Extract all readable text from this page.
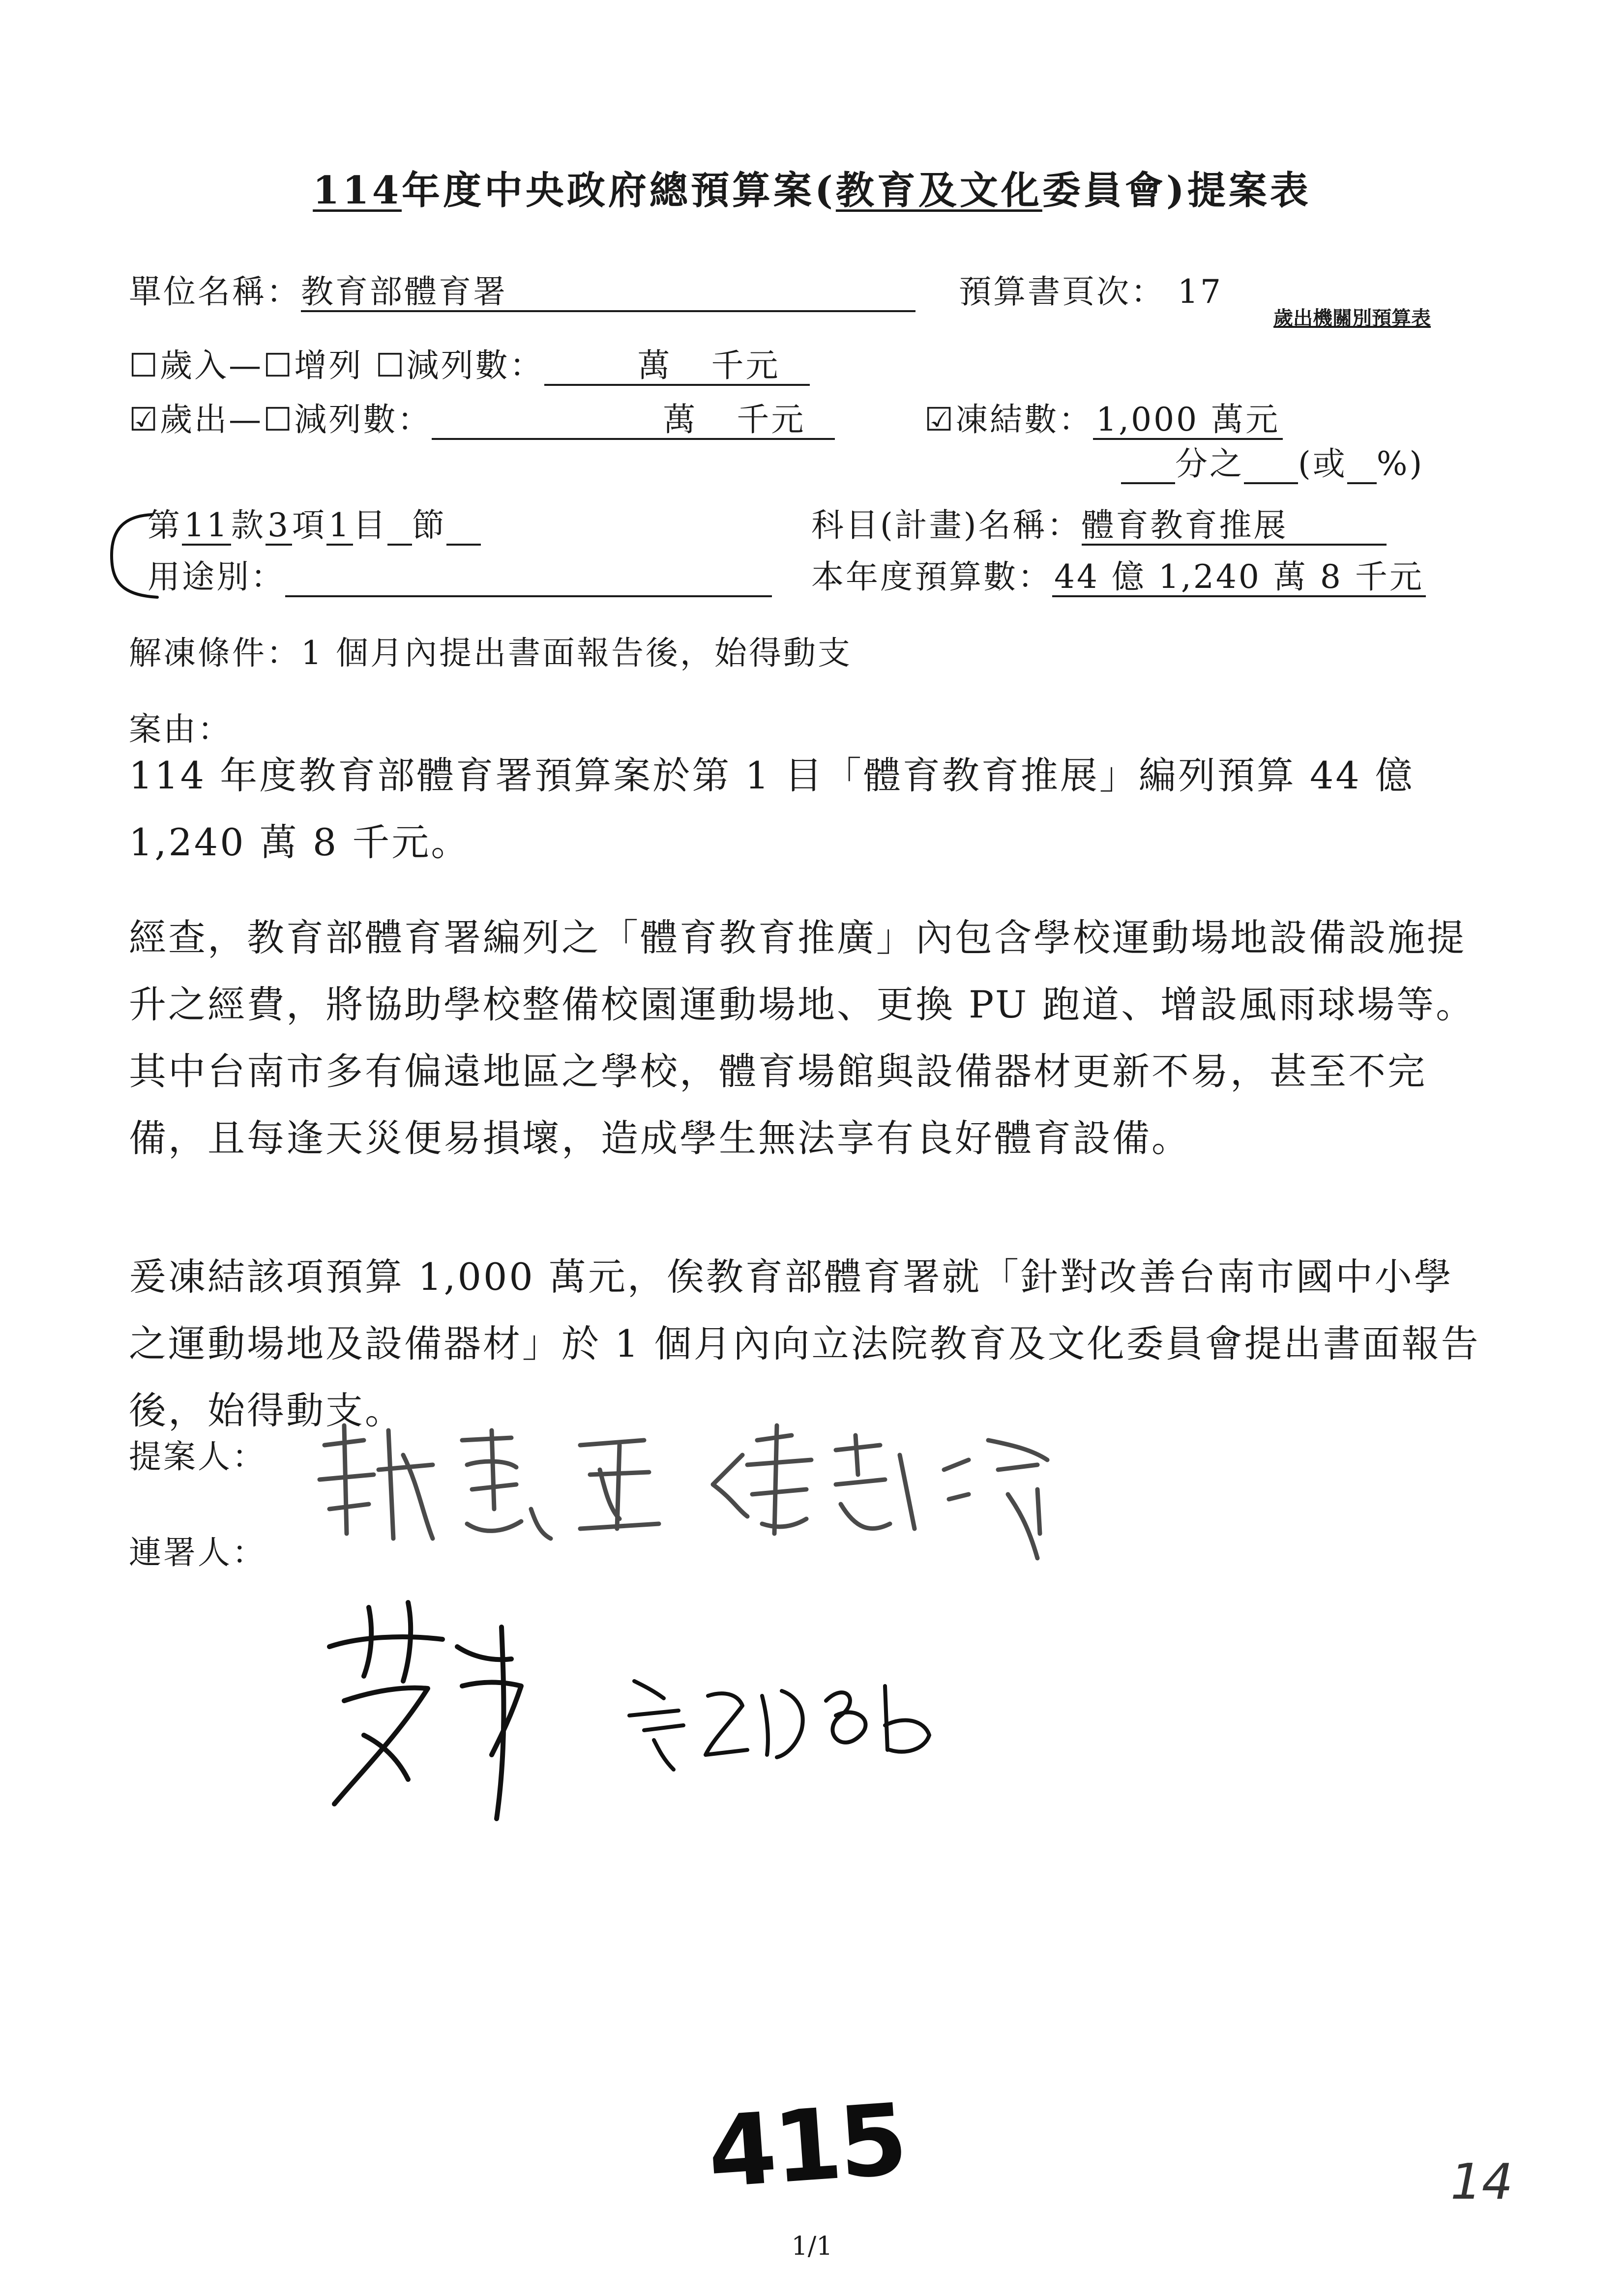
114年度中央政府總預算案(教育及文化委員會)提案表
單位名稱：教育部體育署	預算書頁次： 17
歲出機關別預算表
☐歲入—☐增列 ☐減列數：	萬 千元
☑歲出—☐減列數：	萬 千元	☑凍結數：1,000 萬元
分之 (或 %)
第11款3項1目 節	科目(計畫)名稱：體育教育推展
用途別：	本年度預算數：44 億 1,240 萬 8 千元
解凍條件：1 個月內提出書面報告後，始得動支
案由：
114 年度教育部體育署預算案於第 1 目「體育教育推展」編列預算 44 億 1,240 萬 8 千元。
經查，教育部體育署編列之「體育教育推廣」內包含學校運動場地設備設施提升之經費，將協助學校整備校園運動場地、更換 PU 跑道、增設風雨球場等。其中台南市多有偏遠地區之學校，體育場館與設備器材更新不易，甚至不完備，且每逢天災便易損壞，造成學生無法享有良好體育設備。
爰凍結該項預算 1,000 萬元，俟教育部體育署就「針對改善台南市國中小學之運動場地及設備器材」於 1 個月內向立法院教育及文化委員會提出書面報告後，始得動支。
提案人：
連署人：
415	14
1/1
